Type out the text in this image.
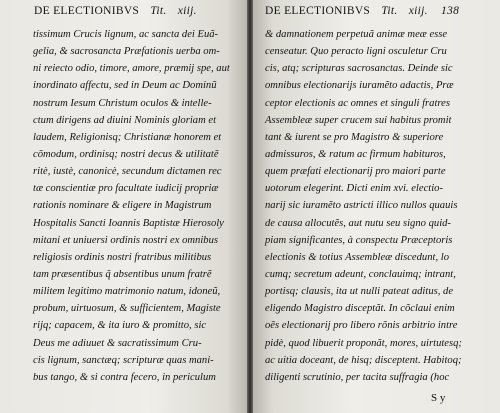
DE ELECTIONIBVS Tit. xiij.
tissimum Crucis lignum, ac sancta dei Euã-
gelia, & sacrosancta Præfationis uerba om-
ni reiecto odio, timore, amore, præmij spe, aut
inordinato affectu, sed in Deum ac Dominũ
nostrum Iesum Christum oculos & intelle-
ctum dirigens ad diuini Nominis gloriam et
laudem, Religionisq; Christianæ honorem et
cõmodum, ordinisq; nostri decus & utilitatẽ
ritè, iustè, canonicè, secundum dictamen rec
tæ conscientiæ pro facultate iudicij propriæ
rationis nominare & eligere in Magistrum
Hospitalis Sancti Ioannis Baptistæ Hierosoly
mitani et uniuersi ordinis nostri ex omnibus
religiosis ordinis nostri fratribus militibus
tam præsentibus q̃ absentibus unum fratrẽ
militem legitimo matrimonio natum, idoneũ,
probum, uirtuosum, & sufficientem, Magiste
rijq; capacem, & ita iuro & promitto, sic
Deus me adiuuet & sacratissimum Cru-
cis lignum, sanctæq; scripturæ quas mani-
bus tango, & si contra fecero, in periculum
DE ELECTIONIBVS Tit. xiij. 138
& damnationem perpetuã animæ meæ esse
censeatur. Quo peracto ligni osculetur Cru
cis, atq; scripturas sacrosanctas. Deinde sic
omnibus electionarijs iuramẽto adactis, Præ
ceptor electionis ac omnes et singuli fratres
Assembleæ super crucem sui habitus promit
tant & iurent se pro Magistro & superiore
admissuros, & ratum ac firmum habituros,
quem præfati electionarij pro maiori parte
uotorum elegerint. Dicti enim xvi. electio-
narij sic iuramẽto astricti illico nullos quauis
de causa allocutẽs, aut nutu seu signo quid-
piam significantes, à conspectu Præceptoris
electionis & totius Assembleæ discedunt, lo
cumq; secretum adeunt, conclauimq; intrant,
portisq; clausis, ita ut nulli pateat aditus, de
eligendo Magistro disceptãt. In cõclaui enim
oẽs electionarij pro libero rõnis arbitrio intre
pidè, quod libuerit proponãt, mores, uirtutesq;
ac uitia doceant, de hisq; disceptent. Habitoq;
diligenti scrutinio, per tacita suffragia (hoc
S y
